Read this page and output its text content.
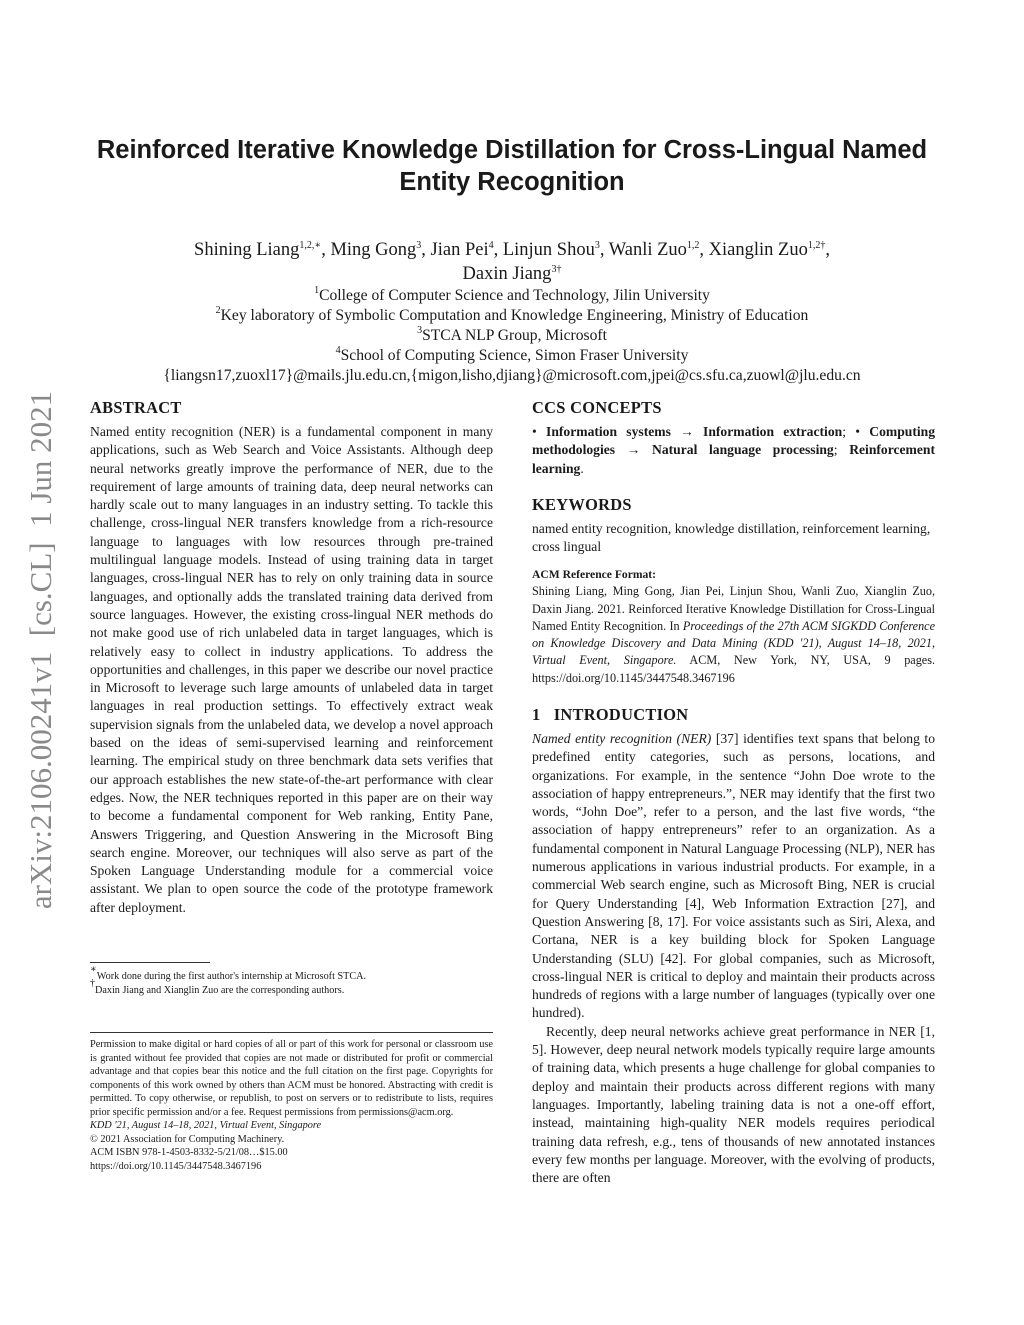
arXiv:2106.00241v1  [cs.CL]  1 Jun 2021
Reinforced Iterative Knowledge Distillation for Cross-Lingual Named Entity Recognition
Shining Liang$^{1,2,∗}$, Ming Gong$^3$, Jian Pei$^4$, Linjun Shou$^3$, Wanli Zuo$^{1,2}$, Xianglin Zuo$^{1,2\dagger}$,
Daxin Jiang$^{3\dagger}$
$^1$College of Computer Science and Technology, Jilin University
$^2$Key laboratory of Symbolic Computation and Knowledge Engineering, Ministry of Education
$^3$STCA NLP Group, Microsoft
$^4$School of Computing Science, Simon Fraser University
{liangsn17,zuoxl17}@mails.jlu.edu.cn,{migon,lisho,djiang}@microsoft.com,jpei@cs.sfu.ca,zuowl@jlu.edu.cn
ABSTRACT
Named entity recognition (NER) is a fundamental component in many applications, such as Web Search and Voice Assistants. Although deep neural networks greatly improve the performance of NER, due to the requirement of large amounts of training data, deep neural networks can hardly scale out to many languages in an industry setting. To tackle this challenge, cross-lingual NER transfers knowledge from a rich-resource language to languages with low resources through pre-trained multilingual language models. Instead of using training data in target languages, cross-lingual NER has to rely on only training data in source languages, and optionally adds the translated training data derived from source languages. However, the existing cross-lingual NER methods do not make good use of rich unlabeled data in target languages, which is relatively easy to collect in industry applications. To address the opportunities and challenges, in this paper we describe our novel practice in Microsoft to leverage such large amounts of unlabeled data in target languages in real production settings. To effectively extract weak supervision signals from the unlabeled data, we develop a novel approach based on the ideas of semi-supervised learning and reinforcement learning. The empirical study on three benchmark data sets verifies that our approach establishes the new state-of-the-art performance with clear edges. Now, the NER techniques reported in this paper are on their way to become a fundamental component for Web ranking, Entity Pane, Answers Triggering, and Question Answering in the Microsoft Bing search engine. Moreover, our techniques will also serve as part of the Spoken Language Understanding module for a commercial voice assistant. We plan to open source the code of the prototype framework after deployment.
∗Work done during the first author's internship at Microsoft STCA.
†Daxin Jiang and Xianglin Zuo are the corresponding authors.
Permission to make digital or hard copies of all or part of this work for personal or classroom use is granted without fee provided that copies are not made or distributed for profit or commercial advantage and that copies bear this notice and the full citation on the first page. Copyrights for components of this work owned by others than ACM must be honored. Abstracting with credit is permitted. To copy otherwise, or republish, to post on servers or to redistribute to lists, requires prior specific permission and/or a fee. Request permissions from permissions@acm.org.
KDD '21, August 14–18, 2021, Virtual Event, Singapore
© 2021 Association for Computing Machinery.
ACM ISBN 978-1-4503-8332-5/21/08…$15.00
https://doi.org/10.1145/3447548.3467196
CCS CONCEPTS
• Information systems → Information extraction; • Computing methodologies → Natural language processing; Reinforcement learning.
KEYWORDS
named entity recognition, knowledge distillation, reinforcement learning, cross lingual
ACM Reference Format:
Shining Liang, Ming Gong, Jian Pei, Linjun Shou, Wanli Zuo, Xianglin Zuo, Daxin Jiang. 2021. Reinforced Iterative Knowledge Distillation for Cross-Lingual Named Entity Recognition. In Proceedings of the 27th ACM SIGKDD Conference on Knowledge Discovery and Data Mining (KDD '21), August 14–18, 2021, Virtual Event, Singapore. ACM, New York, NY, USA, 9 pages. https://doi.org/10.1145/3447548.3467196
1 INTRODUCTION

Named entity recognition (NER) [37] identifies text spans that belong to predefined entity categories, such as persons, locations, and organizations. For example, in the sentence “John Doe wrote to the association of happy entrepreneurs.”, NER may identify that the first two words, “John Doe”, refer to a person, and the last five words, “the association of happy entrepreneurs” refer to an organization. As a fundamental component in Natural Language Processing (NLP), NER has numerous applications in various industrial products. For example, in a commercial Web search engine, such as Microsoft Bing, NER is crucial for Query Understanding [4], Web Information Extraction [27], and Question Answering [8, 17]. For voice assistants such as Siri, Alexa, and Cortana, NER is a key building block for Spoken Language Understanding (SLU) [42]. For global companies, such as Microsoft, cross-lingual NER is critical to deploy and maintain their products across hundreds of regions with a large number of languages (typically over one hundred).

Recently, deep neural networks achieve great performance in NER [1, 5]. However, deep neural network models typically require large amounts of training data, which presents a huge challenge for global companies to deploy and maintain their products across different regions with many languages. Importantly, labeling training data is not a one-off effort, instead, maintaining high-quality NER models requires periodical training data refresh, e.g., tens of thousands of new annotated instances every few months per language. Moreover, with the evolving of products, there are often
